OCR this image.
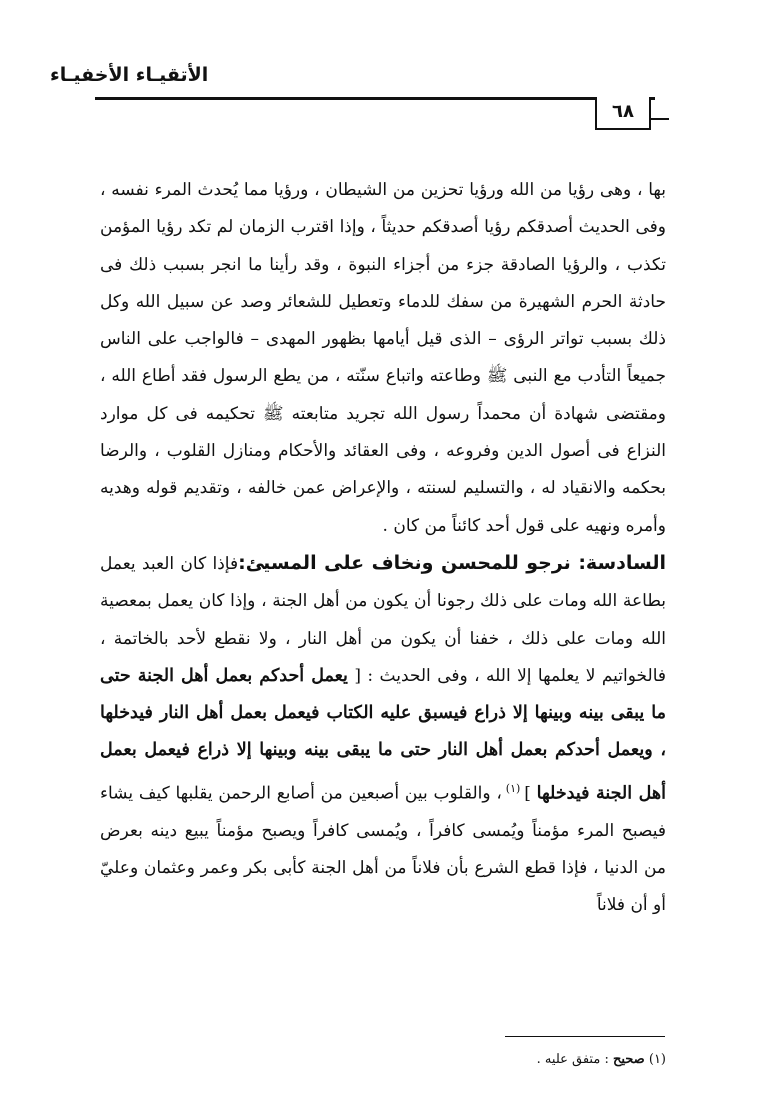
الأتقيـاء الأخفيـاء
٦٨

بها ، وهى رؤيا من الله ورؤيا تحزين من الشيطان ، ورؤيا مما يُحدث المرء نفسه ، وفى الحديث أصدقكم رؤيا أصدقكم حديثاً ، وإذا اقترب الزمان لم تكد رؤيا المؤمن تكذب ، والرؤيا الصادقة جزء من أجزاء النبوة ، وقد رأينا ما انجر بسبب ذلك فى حادثة الحرم الشهيرة من سفك للدماء وتعطيل للشعائر وصد عن سبيل الله وكل ذلك بسبب تواتر الرؤى – الذى قيل أيامها بظهور المهدى – فالواجب على الناس جميعاً التأدب مع النبى ﷺ وطاعته واتباع سنّته ، من يطع الرسول فقد أطاع الله ، ومقتضى شهادة أن محمداً رسول الله تجريد متابعته ﷺ تحكيمه فى كل موارد النزاع فى أصول الدين وفروعه ، وفى العقائد والأحكام ومنازل القلوب ، والرضا بحكمه والانقياد له ، والتسليم لسنته ، والإعراض عمن خالفه ، وتقديم قوله وهديه وأمره ونهيه على قول أحد كائناً من كان .

السادسة: نرجو للمحسن ونخاف على المسيئ:فإذا كان العبد يعمل بطاعة الله ومات على ذلك رجونا أن يكون من أهل الجنة ، وإذا كان يعمل بمعصية الله ومات على ذلك ، خفنا أن يكون من أهل النار ، ولا نقطع لأحد بالخاتمة ، فالخواتيم لا يعلمها إلا الله ، وفى الحديث : [ يعمل أحدكم بعمل أهل الجنة حتى ما يبقى بينه وبينها إلا ذراع فيسبق عليه الكتاب فيعمل بعمل أهل النار فيدخلها ، ويعمل أحدكم بعمل أهل النار حتى ما يبقى بينه وبينها إلا ذراع فيعمل بعمل أهل الجنة فيدخلها ] $^{(١)}$ ، والقلوب بين أصبعين من أصابع الرحمن يقلبها كيف يشاء فيصبح المرء مؤمناً ويُمسى كافراً ، ويُمسى كافراً ويصبح مؤمناً يبيع دينه بعرض من الدنيا ، فإذا قطع الشرع بأن فلاناً من أهل الجنة كأبى بكر وعمر وعثمان وعليّ أو أن فلاناً

(١) صحيح : متفق عليه .
